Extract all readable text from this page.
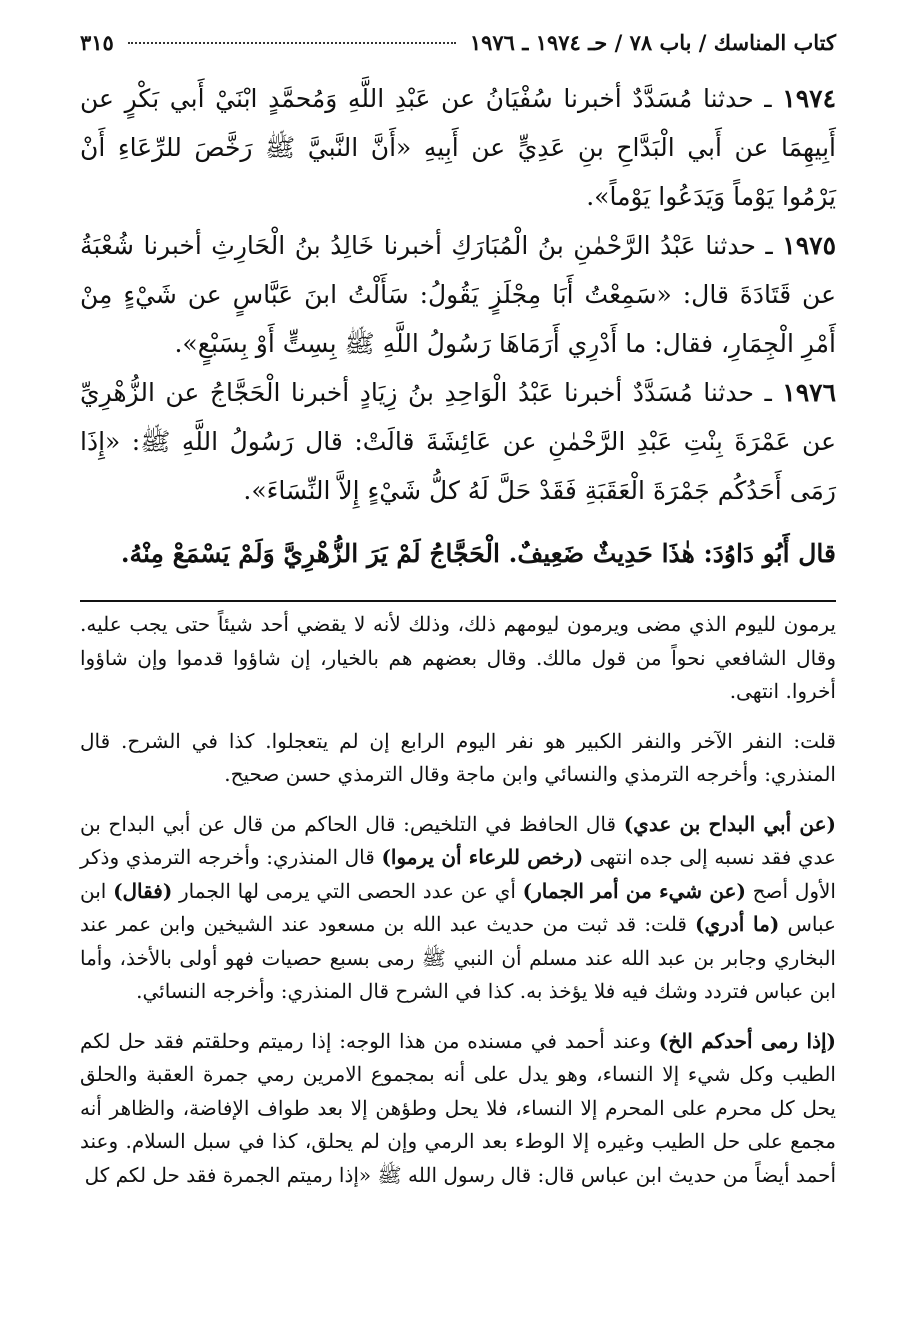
كتاب المناسك / باب ٧٨ / حـ ١٩٧٤ ـ ١٩٧٦
٣١٥

١٩٧٤ ـ حدثنا مُسَدَّدٌ أخبرنا سُفْيَانُ عن عَبْدِ اللَّهِ وَمُحمَّدٍ ابْنَيْ أَبي بَكْرٍ عن أَبِيهِمَا عن أَبي الْبَدَّاحِ بنِ عَدِيٍّ عن أَبِيهِ «أَنَّ النَّبيَّ ﷺ رَخَّصَ للرِّعَاءِ أَنْ يَرْمُوا يَوْماً وَيَدَعُوا يَوْماً».

١٩٧٥ ـ حدثنا عَبْدُ الرَّحْمٰنِ بنُ الْمُبَارَكِ أخبرنا خَالِدُ بنُ الْحَارِثِ أخبرنا شُعْبَةُ عن قَتَادَةَ قال: «سَمِعْتُ أَبَا مِجْلَزٍ يَقُولُ: سَأَلْتُ ابنَ عَبَّاسٍ عن شَيْءٍ مِنْ أَمْرِ الْجِمَارِ، فقال: ما أَدْرِي أَرَمَاهَا رَسُولُ اللَّهِ ﷺ بِسِتٍّ أَوْ بِسَبْعٍ».

١٩٧٦ ـ حدثنا مُسَدَّدٌ أخبرنا عَبْدُ الْوَاحِدِ بنُ زِيَادٍ أخبرنا الْحَجَّاجُ عن الزُّهْرِيِّ عن عَمْرَةَ بِنْتِ عَبْدِ الرَّحْمٰنِ عن عَائِشَةَ قالَتْ: قال رَسُولُ اللَّهِ ﷺ: «إِذَا رَمَى أَحَدُكُم جَمْرَةَ الْعَقَبَةِ فَقَدْ حَلَّ لَهُ كلُّ شَيْءٍ إِلاَّ النِّسَاءَ».

قال أَبُو دَاوُدَ: هٰذَا حَدِيثٌ ضَعِيفٌ. الْحَجَّاجُ لَمْ يَرَ الزُّهْرِيَّ وَلَمْ يَسْمَعْ مِنْهُ.

يرمون لليوم الذي مضى ويرمون ليومهم ذلك، وذلك لأنه لا يقضي أحد شيئاً حتى يجب عليه. وقال الشافعي نحواً من قول مالك. وقال بعضهم هم بالخيار، إن شاؤوا قدموا وإن شاؤوا أخروا. انتهى.

قلت: النفر الآخر والنفر الكبير هو نفر اليوم الرابع إن لم يتعجلوا. كذا في الشرح. قال المنذري: وأخرجه الترمذي والنسائي وابن ماجة وقال الترمذي حسن صحيح.

(عن أبي البداح بن عدي) قال الحافظ في التلخيص: قال الحاكم من قال عن أبي البداح بن عدي فقد نسبه إلى جده انتهى (رخص للرعاء أن يرموا) قال المنذري: وأخرجه الترمذي وذكر الأول أصح (عن شيء من أمر الجمار) أي عن عدد الحصى التي يرمى لها الجمار (فقال) ابن عباس (ما أدري) قلت: قد ثبت من حديث عبد الله بن مسعود عند الشيخين وابن عمر عند البخاري وجابر بن عبد الله عند مسلم أن النبي ﷺ رمى بسبع حصيات فهو أولى بالأخذ، وأما ابن عباس فتردد وشك فيه فلا يؤخذ به. كذا في الشرح قال المنذري: وأخرجه النسائي.

(إذا رمى أحدكم الخ) وعند أحمد في مسنده من هذا الوجه: إذا رميتم وحلقتم فقد حل لكم الطيب وكل شيء إلا النساء، وهو يدل على أنه بمجموع الامرين رمي جمرة العقبة والحلق يحل كل محرم على المحرم إلا النساء، فلا يحل وطؤهن إلا بعد طواف الإفاضة، والظاهر أنه مجمع على حل الطيب وغيره إلا الوطء بعد الرمي وإن لم يحلق، كذا في سبل السلام. وعند أحمد أيضاً من حديث ابن عباس قال: قال رسول الله ﷺ «إذا رميتم الجمرة فقد حل لكم كل
